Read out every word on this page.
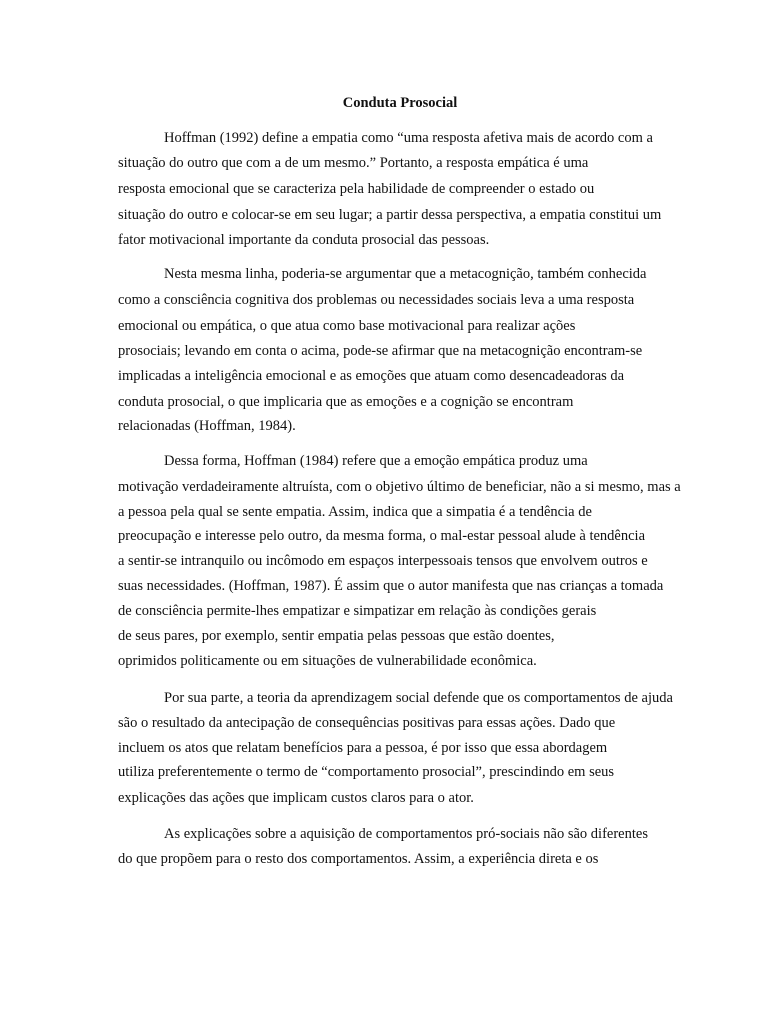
Conduta Prosocial
Hoffman (1992) define a empatia como “uma resposta afetiva mais de acordo com a
situação do outro que com a de um mesmo.” Portanto, a resposta empática é uma
resposta emocional que se caracteriza pela habilidade de compreender o estado ou
situação do outro e colocar-se em seu lugar; a partir dessa perspectiva, a empatia constitui um
fator motivacional importante da conduta prosocial das pessoas.
Nesta mesma linha, poderia-se argumentar que a metacognição, também conhecida
como a consciência cognitiva dos problemas ou necessidades sociais leva a uma resposta
emocional ou empática, o que atua como base motivacional para realizar ações
prosociais; levando em conta o acima, pode-se afirmar que na metacognição encontram-se
implicadas a inteligência emocional e as emoções que atuam como desencadeadoras da
conduta prosocial, o que implicaria que as emoções e a cognição se encontram
relacionadas (Hoffman, 1984).
Dessa forma, Hoffman (1984) refere que a emoção empática produz uma
motivação verdadeiramente altruísta, com o objetivo último de beneficiar, não a si mesmo, mas a
a pessoa pela qual se sente empatia. Assim, indica que a simpatia é a tendência de
preocupação e interesse pelo outro, da mesma forma, o mal-estar pessoal alude à tendência
a sentir-se intranquilo ou incômodo em espaços interpessoais tensos que envolvem outros e
suas necessidades. (Hoffman, 1987). É assim que o autor manifesta que nas crianças a tomada
de consciência permite-lhes empatizar e simpatizar em relação às condições gerais
de seus pares, por exemplo, sentir empatia pelas pessoas que estão doentes,
oprimidos politicamente ou em situações de vulnerabilidade econômica.
Por sua parte, a teoria da aprendizagem social defende que os comportamentos de ajuda
são o resultado da antecipação de consequências positivas para essas ações. Dado que
incluem os atos que relatam benefícios para a pessoa, é por isso que essa abordagem
utiliza preferentemente o termo de “comportamento prosocial”, prescindindo em seus
explicações das ações que implicam custos claros para o ator.
As explicações sobre a aquisição de comportamentos pró-sociais não são diferentes
do que propõem para o resto dos comportamentos. Assim, a experiência direta e os
